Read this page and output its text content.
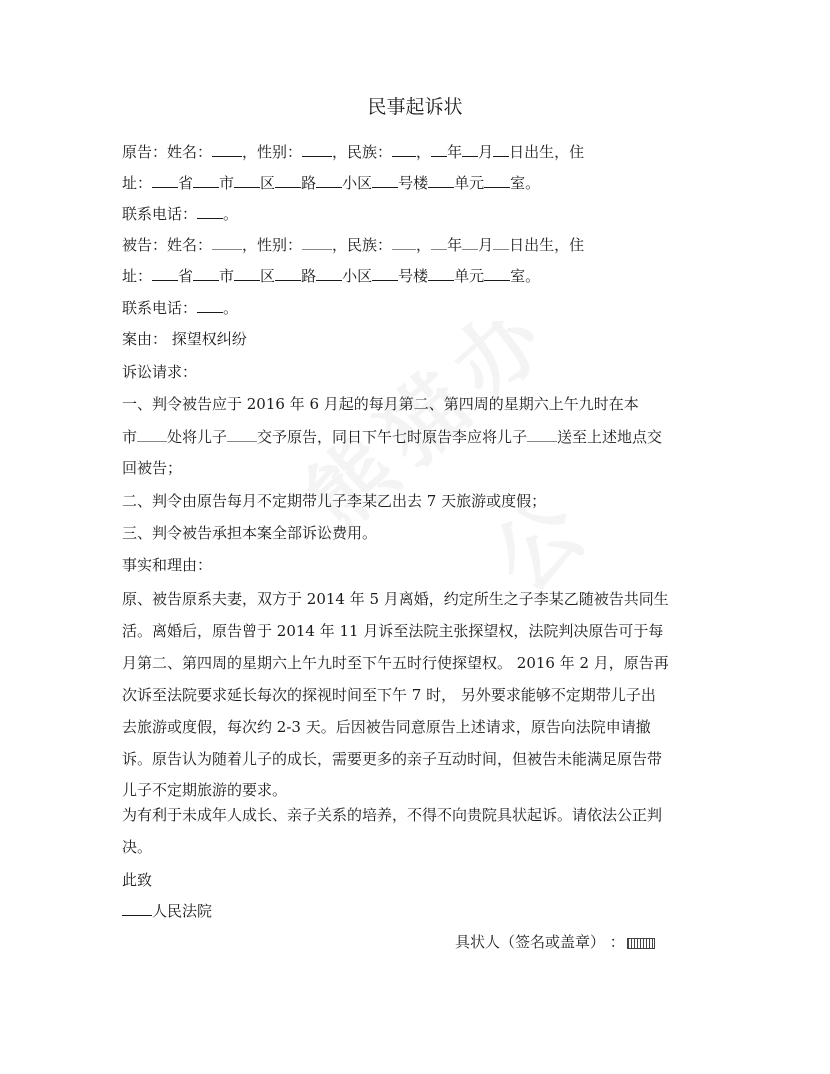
民事起诉状
原告：姓名： ，性别： ，民族： ， 年 月 日出生，住
址： 省 市 区 路 小区 号楼 单元 室。
联系电话： 。
被告：姓名： ，性别： ，民族： ， 年 月 日出生，住
址： 省 市 区 路 小区 号楼 单元 室。
联系电话： 。
案由： 探望权纠纷
诉讼请求：
一、判令被告应于 2016 年 6 月起的每月第二、第四周的星期六上午九时在本
市 处将儿子 交予原告，同日下午七时原告李应将儿子 送至上述地点交
回被告；
二、判令由原告每月不定期带儿子李某乙出去 7 天旅游或度假；
三、判令被告承担本案全部诉讼费用。
事实和理由：
原、被告原系夫妻，双方于 2014 年 5 月离婚，约定所生之子李某乙随被告共同生
活。离婚后，原告曾于 2014 年 11 月诉至法院主张探望权，法院判决原告可于每
月第二、第四周的星期六上午九时至下午五时行使探望权。 2016 年 2 月，原告再
次诉至法院要求延长每次的探视时间至下午 7 时， 另外要求能够不定期带儿子出
去旅游或度假，每次约 2-3 天。后因被告同意原告上述请求，原告向法院申请撤
诉。原告认为随着儿子的成长，需要更多的亲子互动时间，但被告未能满足原告带
儿子不定期旅游的要求。
为有利于未成年人成长、亲子关系的培养，不得不向贵院具状起诉。请依法公正判
决。
此致
人民法院
具状人（签名或盖章） ：
